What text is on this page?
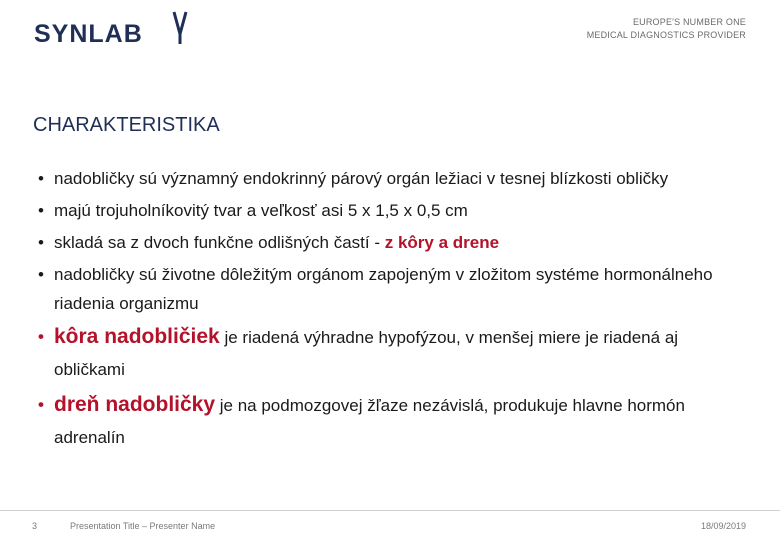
SYNLAB	EUROPE'S NUMBER ONE
MEDICAL DIAGNOSTICS PROVIDER
CHARAKTERISTIKA
• nadobličky sú významný endokrinný párový orgán ležiaci v tesnej blízkosti obličky
• majú trojuholníkovitý tvar a veľkosť asi 5 x 1,5 x 0,5 cm
• skladá sa z dvoch funkčne odlišných častí - z kôry a drene
• nadobličky sú životne dôležitým orgánom zapojeným v zložitom systéme hormonálneho riadenia organizmu
• kôra nadobličiek je riadená výhradne hypofýzou, v menšej miere je riadená aj obličkami
• dreň nadobličky je na podmozgovej žľaze nezávislá, produkuje hlavne hormón adrenalín
3	Presentation Title – Presenter Name	18/09/2019
